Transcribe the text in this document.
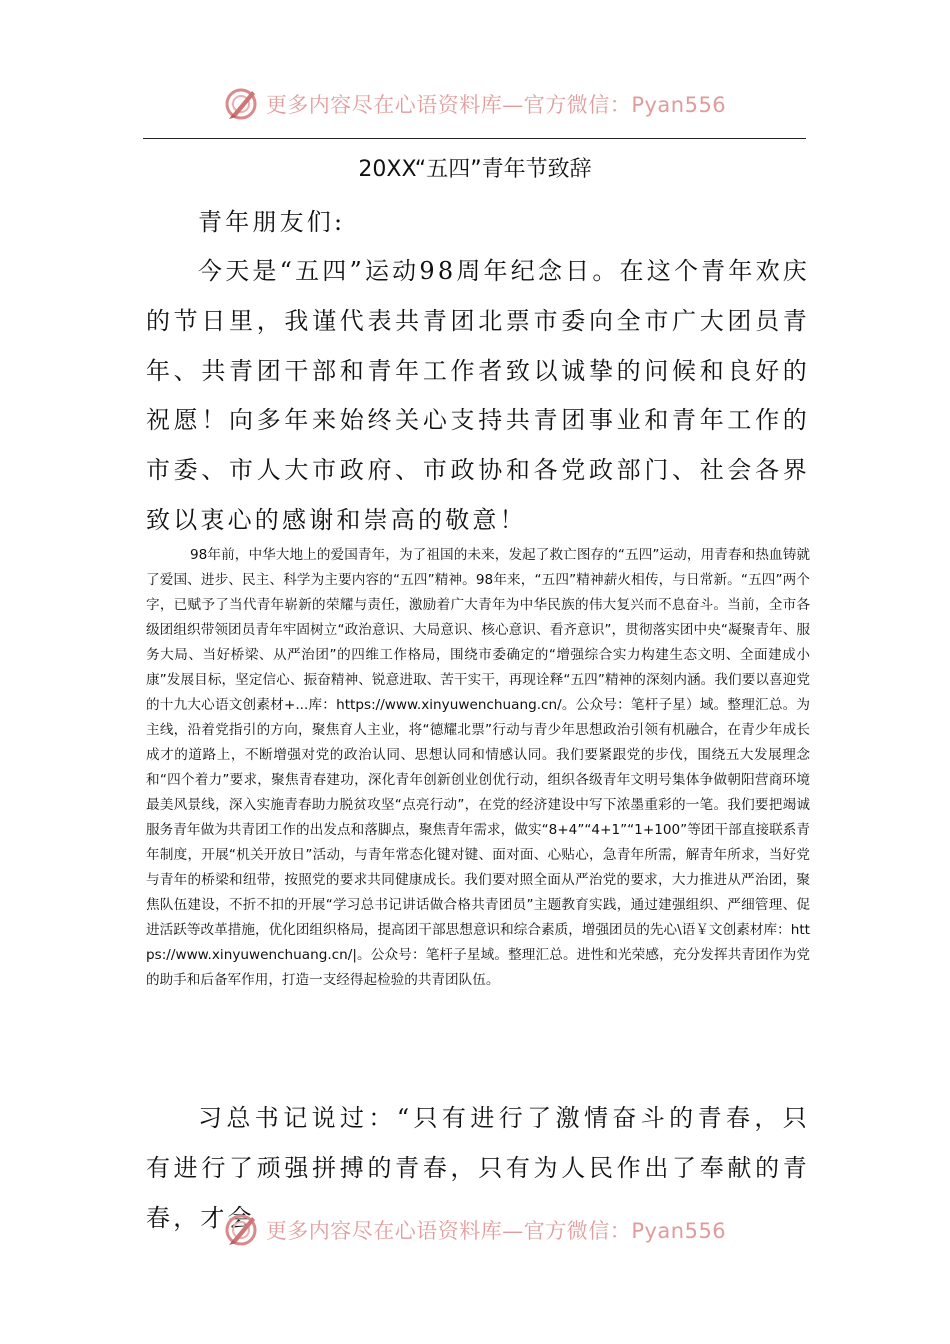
更多内容尽在心语资料库—官方微信：Pyan556
20XX“五四”青年节致辞

青年朋友们:

今天是“五四”运动98周年纪念日。在这个青年欢庆的节日里，我谨代表共青团北票市委向全市广大团员青年、共青团干部和青年工作者致以诚挚的问候和良好的祝愿！向多年来始终关心支持共青团事业和青年工作的市委、市人大市政府、市政协和各党政部门、社会各界致以衷心的感谢和崇高的敬意！

98年前，中华大地上的爱国青年，为了祖国的未来，发起了救亡图存的“五四”运动，用青春和热血铸就了爱国、进步、民主、科学为主要内容的“五四”精神。98年来，“五四”精神薪火相传，与日常新。“五四”两个字，已赋予了当代青年崭新的荣耀与责任，激励着广大青年为中华民族的伟大复兴而不息奋斗。当前，全市各级团组织带领团员青年牢固树立“政治意识、大局意识、核心意识、看齐意识”，贯彻落实团中央“凝聚青年、服务大局、当好桥梁、从严治团”的四维工作格局，围绕市委确定的“增强综合实力构建生态文明、全面建成小康”发展目标，坚定信心、振奋精神、锐意进取、苦干实干，再现诠释“五四”精神的深刻内涵。我们要以喜迎党的十九大心语文创素材+...库：https://www.xinyuwenchuang.cn/。公众号：笔杆子星）域。整理汇总。为主线，沿着党指引的方向，聚焦育人主业，将“德耀北票”行动与青少年思想政治引领有机融合，在青少年成长成才的道路上，不断增强对党的政治认同、思想认同和情感认同。我们要紧跟党的步伐，围绕五大发展理念和“四个着力”要求，聚焦青春建功，深化青年创新创业创优行动，组织各级青年文明号集体争做朝阳营商环境最美风景线，深入实施青春助力脱贫攻坚“点亮行动”，在党的经济建设中写下浓墨重彩的一笔。我们要把竭诚服务青年做为共青团工作的出发点和落脚点，聚焦青年需求，做实“8+4”“4+1”“1+100”等团干部直接联系青年制度，开展“机关开放日”活动，与青年常态化键对键、面对面、心贴心，急青年所需，解青年所求，当好党与青年的桥梁和纽带，按照党的要求共同健康成长。我们要对照全面从严治党的要求，大力推进从严治团，聚焦队伍建设，不折不扣的开展“学习总书记讲话做合格共青团员”主题教育实践，通过建强组织、严细管理、促进活跃等改革措施，优化团组织格局，提高团干部思想意识和综合素质，增强团员的先心\语￥文创素材库：https://www.xinyuwenchuang.cn/|。公众号：笔杆子星域。整理汇总。进性和光荣感，充分发挥共青团作为党的助手和后备军作用，打造一支经得起检验的共青团队伍。

习总书记说过：“只有进行了激情奋斗的青春，只有进行了顽强拼搏的青春，只有为人民作出了奉献的青春，才会 更多内容尽在心语资料库—官方微信：Pyan556
